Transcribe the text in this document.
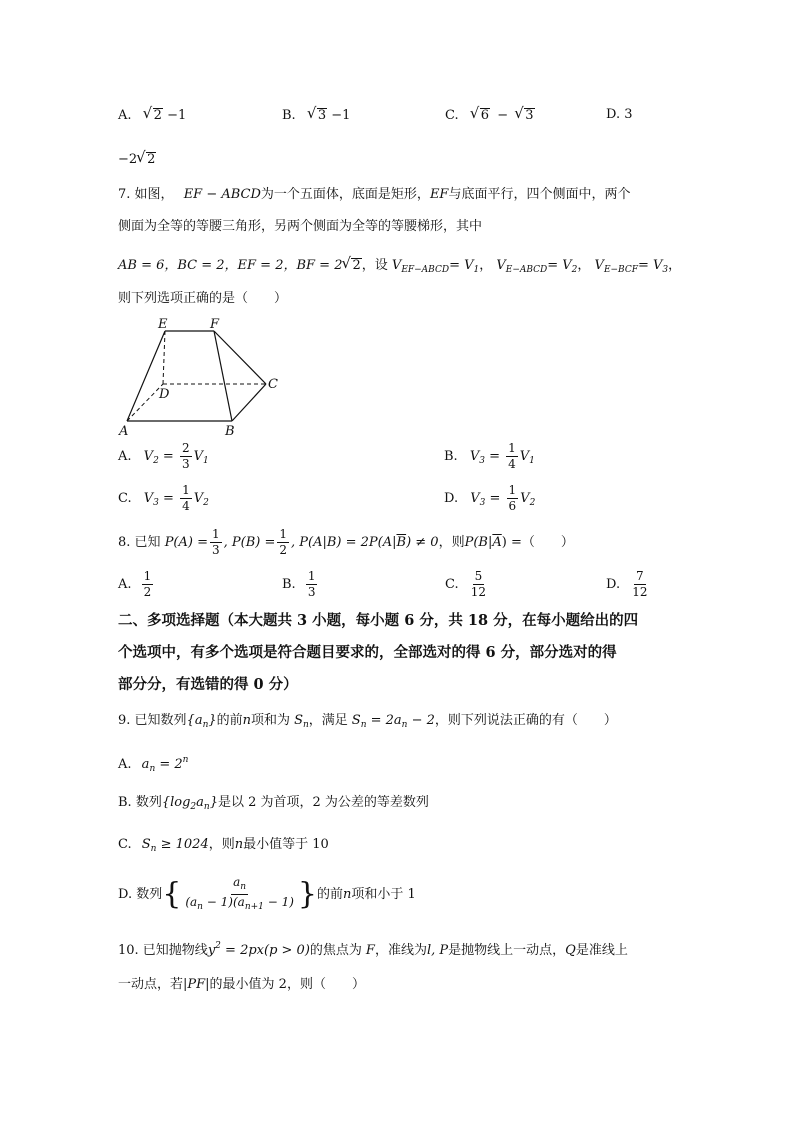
A. √ 2 −1	B. √ 3 −1	C. √ 6 − √ 3	D. 3
−2 √ 2
7. 如图， EF − ABCD为一个五面体，底面是矩形，EF与底面平行，四个侧面中，两个
侧面为全等的等腰三角形，另两个侧面为全等的等腰梯形，其中
AB = 6，BC = 2，EF = 2，BF = 2 √ 2，设 $V_{EF-ABCD}= V_1$， $V_{E-ABCD}= V_2$， $V_{E-BCF}= V_3$，
则下列选项正确的是（　　）
E	F
D
C
A	B
A. $V_2 = \frac{2}{3} V_1$	B. $V_3 = \frac{1}{4} V_1$
C. $V_3 = \frac{1}{4} V_2$	D. $V_3 = \frac{1}{6} V_2$
8. 已知 $P(A) = \frac{1}{3}$ , $P(B) = \frac{1}{2}$ , $P(A|B) = 2P(A|\overline{B}) \ne 0$，则$P(B|\overline{A})$ =（　　）
A. $\frac{1}{2}$	B. $\frac{1}{3}$	C. $\frac{5}{12}$	D. $\frac{7}{12}$
二、多项选择题（本大题共 3 小题，每小题 6 分，共 18 分，在每小题给出的四
个选项中，有多个选项是符合题目要求的，全部选对的得 6 分，部分选对的得
部分分，有选错的得 0 分）
9. 已知数列$\{a_n\}$的前n项和为 $S_n$，满足 $S_n = 2a_n - 2$，则下列说法正确的有（　　）
A. $a_n = 2^n$
B. 数列$\{\log_2a_n\}$是以 2 为首项，2 为公差的等差数列
C. $S_n \ge 1024$，则n最小值等于 10
D. 数列{ $\frac{a_n}{(a_n - 1)(a_{n+1} - 1)}$ }的前n项和小于 1
10. 已知抛物线$y^2 = 2px(p > 0)$的焦点为 F，准线为l, P是抛物线上一动点，Q是准线上
一动点，若|PF|的最小值为 2，则（　　）
